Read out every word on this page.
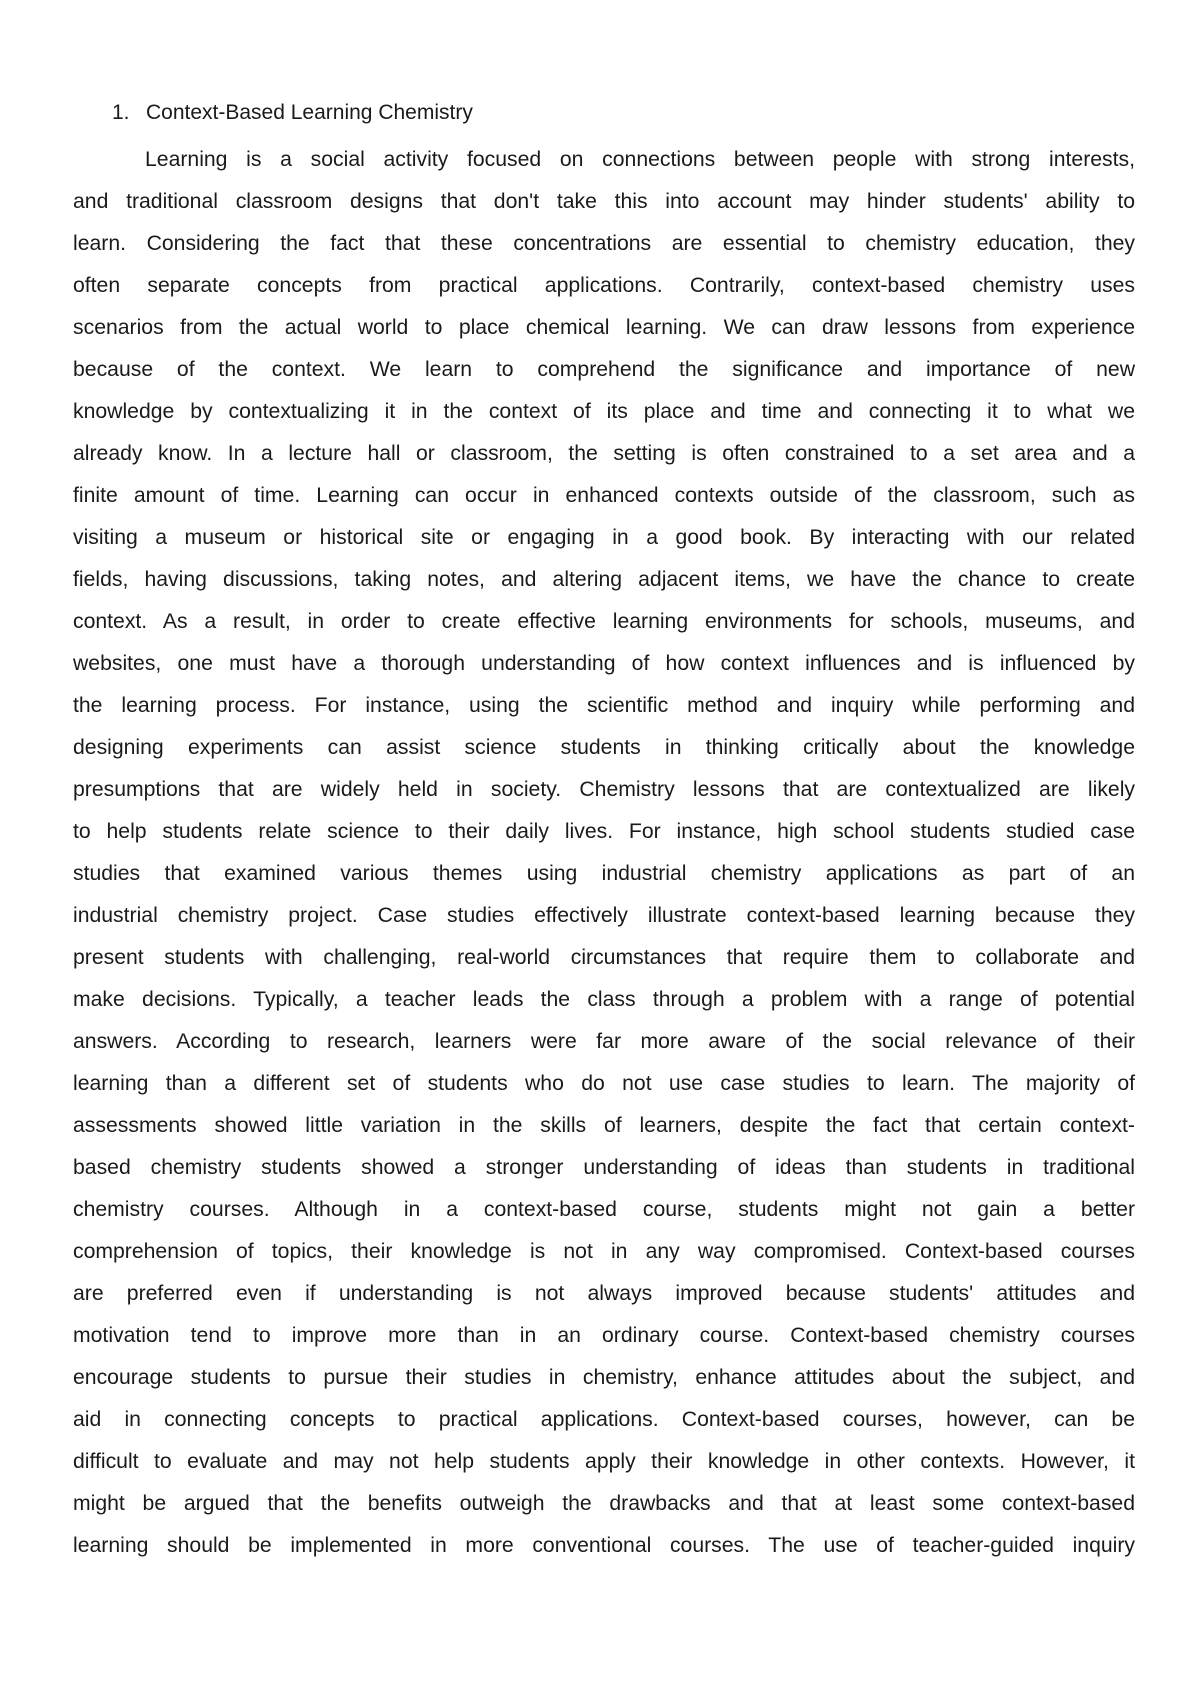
1. Context-Based Learning Chemistry
Learning is a social activity focused on connections between people with strong interests,
and traditional classroom designs that don't take this into account may hinder students' ability to
learn. Considering the fact that these concentrations are essential to chemistry education, they
often separate concepts from practical applications. Contrarily, context-based chemistry uses
scenarios from the actual world to place chemical learning. We can draw lessons from experience
because of the context. We learn to comprehend the significance and importance of new
knowledge by contextualizing it in the context of its place and time and connecting it to what we
already know. In a lecture hall or classroom, the setting is often constrained to a set area and a
finite amount of time. Learning can occur in enhanced contexts outside of the classroom, such as
visiting a museum or historical site or engaging in a good book. By interacting with our related
fields, having discussions, taking notes, and altering adjacent items, we have the chance to create
context. As a result, in order to create effective learning environments for schools, museums, and
websites, one must have a thorough understanding of how context influences and is influenced by
the learning process. For instance, using the scientific method and inquiry while performing and
designing experiments can assist science students in thinking critically about the knowledge
presumptions that are widely held in society. Chemistry lessons that are contextualized are likely
to help students relate science to their daily lives. For instance, high school students studied case
studies that examined various themes using industrial chemistry applications as part of an
industrial chemistry project. Case studies effectively illustrate context-based learning because they
present students with challenging, real-world circumstances that require them to collaborate and
make decisions. Typically, a teacher leads the class through a problem with a range of potential
answers. According to research, learners were far more aware of the social relevance of their
learning than a different set of students who do not use case studies to learn. The majority of
assessments showed little variation in the skills of learners, despite the fact that certain context-
based chemistry students showed a stronger understanding of ideas than students in traditional
chemistry courses. Although in a context-based course, students might not gain a better
comprehension of topics, their knowledge is not in any way compromised. Context-based courses
are preferred even if understanding is not always improved because students' attitudes and
motivation tend to improve more than in an ordinary course. Context-based chemistry courses
encourage students to pursue their studies in chemistry, enhance attitudes about the subject, and
aid in connecting concepts to practical applications. Context-based courses, however, can be
difficult to evaluate and may not help students apply their knowledge in other contexts. However, it
might be argued that the benefits outweigh the drawbacks and that at least some context-based
learning should be implemented in more conventional courses. The use of teacher-guided inquiry
